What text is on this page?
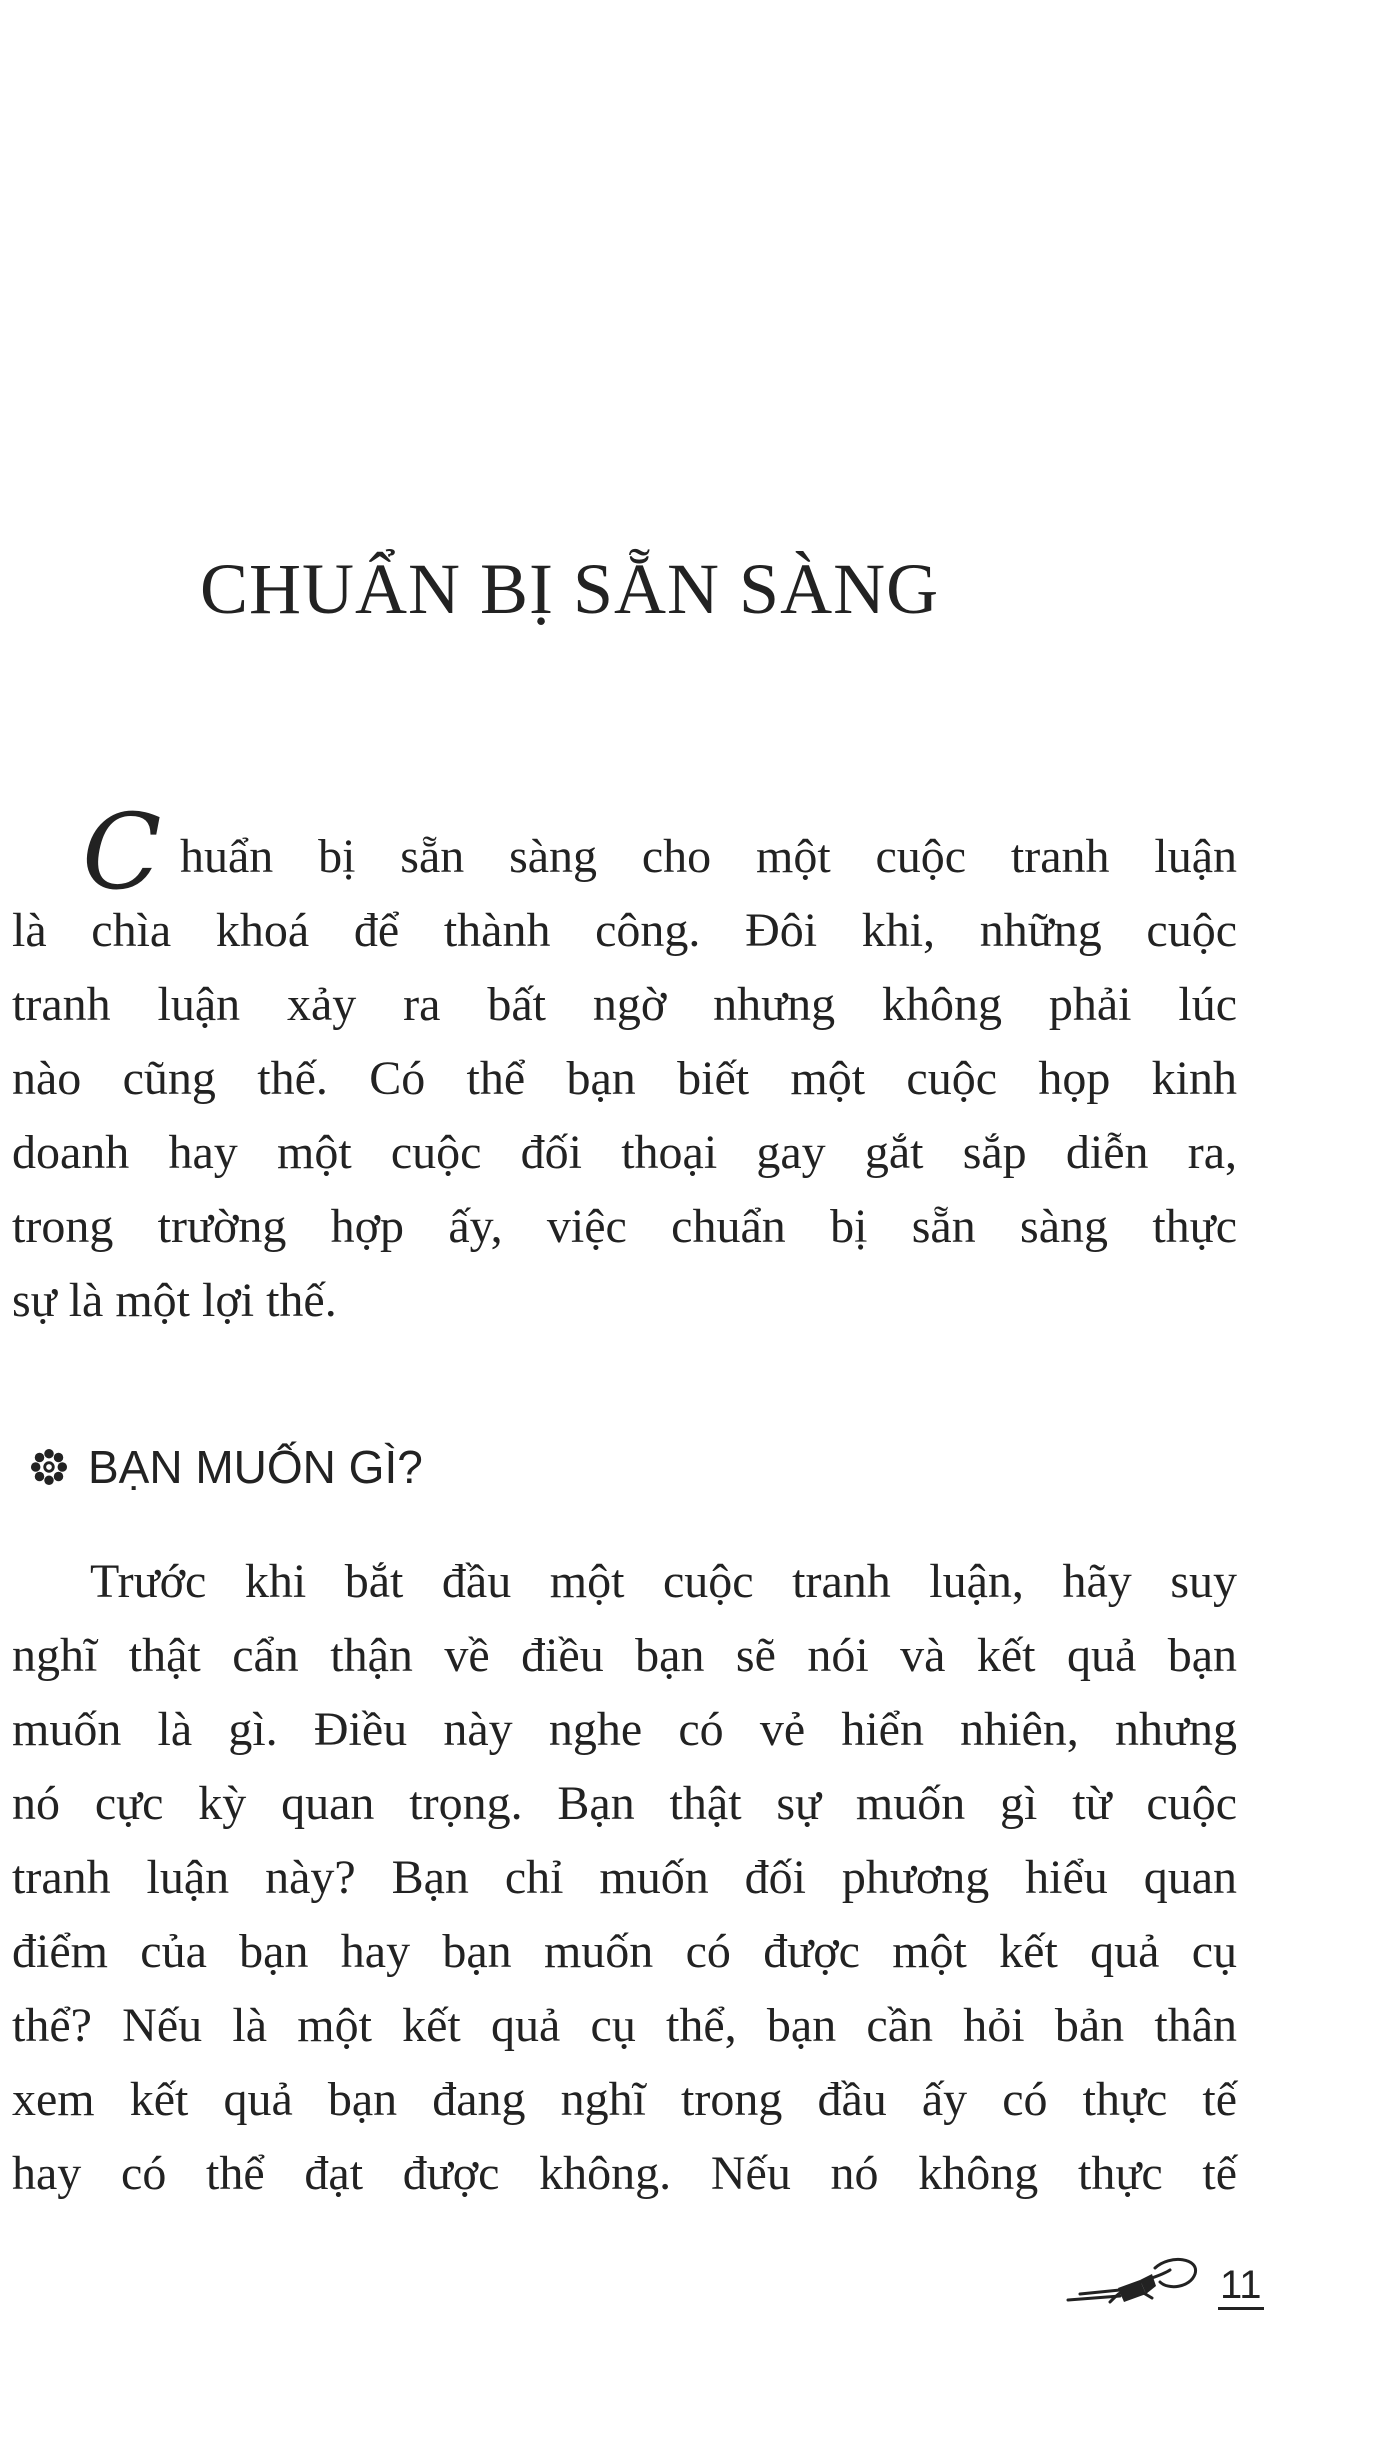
CHUẨN BỊ SẴN SÀNG
C huẩn bị sẵn sàng cho một cuộc tranh luận
là chìa khoá để thành công. Đôi khi, những cuộc
tranh luận xảy ra bất ngờ nhưng không phải lúc
nào cũng thế. Có thể bạn biết một cuộc họp kinh
doanh hay một cuộc đối thoại gay gắt sắp diễn ra,
trong trường hợp ấy, việc chuẩn bị sẵn sàng thực
sự là một lợi thế.
BẠN MUỐN GÌ?
Trước khi bắt đầu một cuộc tranh luận, hãy suy
nghĩ thật cẩn thận về điều bạn sẽ nói và kết quả bạn
muốn là gì. Điều này nghe có vẻ hiển nhiên, nhưng
nó cực kỳ quan trọng. Bạn thật sự muốn gì từ cuộc
tranh luận này? Bạn chỉ muốn đối phương hiểu quan
điểm của bạn hay bạn muốn có được một kết quả cụ
thể? Nếu là một kết quả cụ thể, bạn cần hỏi bản thân
xem kết quả bạn đang nghĩ trong đầu ấy có thực tế
hay có thể đạt được không. Nếu nó không thực tế
11
